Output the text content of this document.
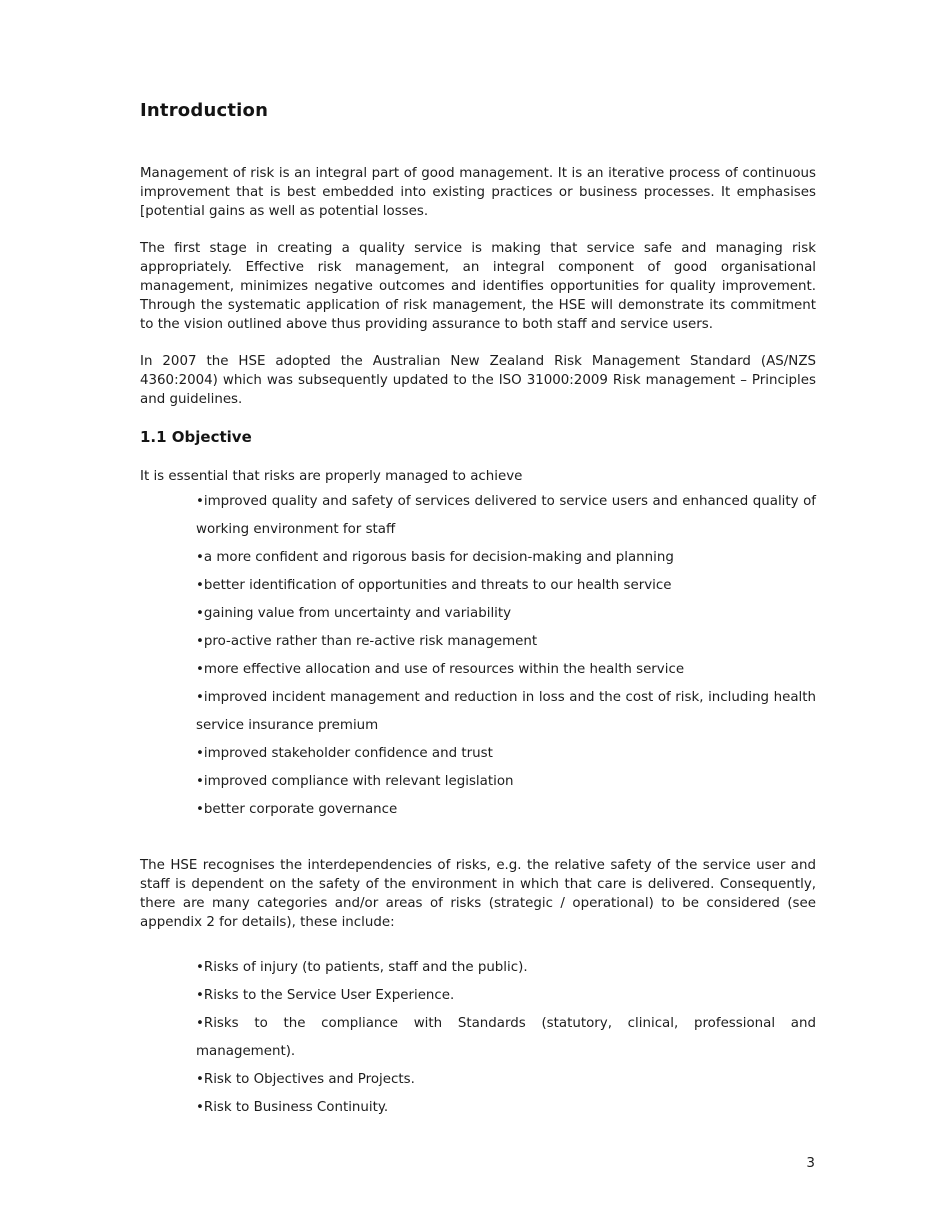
Introduction

Management of risk is an integral part of good management. It is an iterative process of continuous improvement that is best embedded into existing practices or business processes. It emphasises [potential gains as well as potential losses.

The first stage in creating a quality service is making that service safe and managing risk appropriately. Effective risk management, an integral component of good organisational management, minimizes negative outcomes and identifies opportunities for quality improvement. Through the systematic application of risk management, the HSE will demonstrate its commitment to the vision outlined above thus providing assurance to both staff and service users.

In 2007 the HSE adopted the Australian New Zealand Risk Management Standard (AS/NZS 4360:2004) which was subsequently updated to the ISO 31000:2009 Risk management – Principles and guidelines.

1.1 Objective

It is essential that risks are properly managed to achieve

• improved quality and safety of services delivered to service users and enhanced quality of working environment for staff
• a more confident and rigorous basis for decision-making and planning
• better identification of opportunities and threats to our health service
• gaining value from uncertainty and variability
• pro-active rather than re-active risk management
• more effective allocation and use of resources within the health service
• improved incident management and reduction in loss and the cost of risk, including health service insurance premium
• improved stakeholder confidence and trust
• improved compliance with relevant legislation
• better corporate governance

The HSE recognises the interdependencies of risks, e.g. the relative safety of the service user and staff is dependent on the safety of the environment in which that care is delivered. Consequently, there are many categories and/or areas of risks (strategic / operational) to be considered (see appendix 2 for details), these include:

• Risks of injury (to patients, staff and the public).
• Risks to the Service User Experience.
• Risks to the compliance with Standards (statutory, clinical, professional and management).
• Risk to Objectives and Projects.
• Risk to Business Continuity.
3
